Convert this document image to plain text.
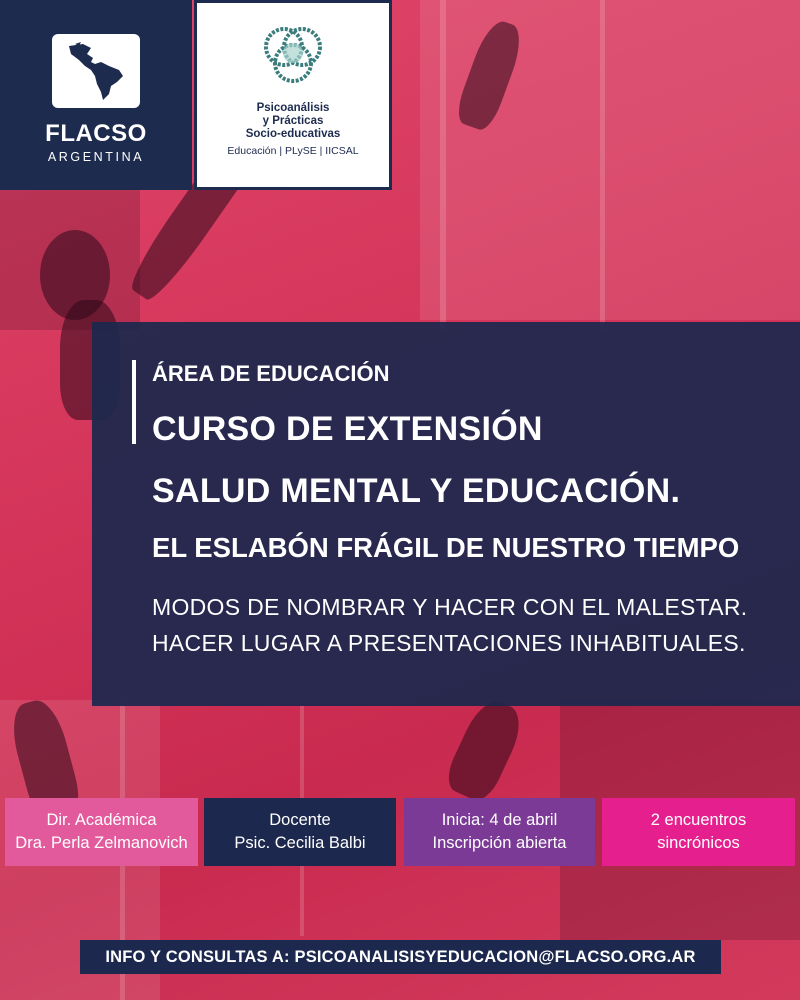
FLACSO
ARGENTINA
Psicoanálisis
y Prácticas
Socio-educativas
Educación | PLySE | IICSAL
ÁREA DE EDUCACIÓN
CURSO DE EXTENSIÓN
SALUD MENTAL Y EDUCACIÓN.
EL ESLABÓN FRÁGIL DE NUESTRO TIEMPO
MODOS DE NOMBRAR Y HACER CON EL MALESTAR.
HACER LUGAR A PRESENTACIONES INHABITUALES.
Dir. Académica
Dra. Perla Zelmanovich
Docente
Psic. Cecilia Balbi
Inicia: 4 de abril
Inscripción abierta
2 encuentros
sincrónicos
INFO Y CONSULTAS A: PSICOANALISISYEDUCACION@FLACSO.ORG.AR
